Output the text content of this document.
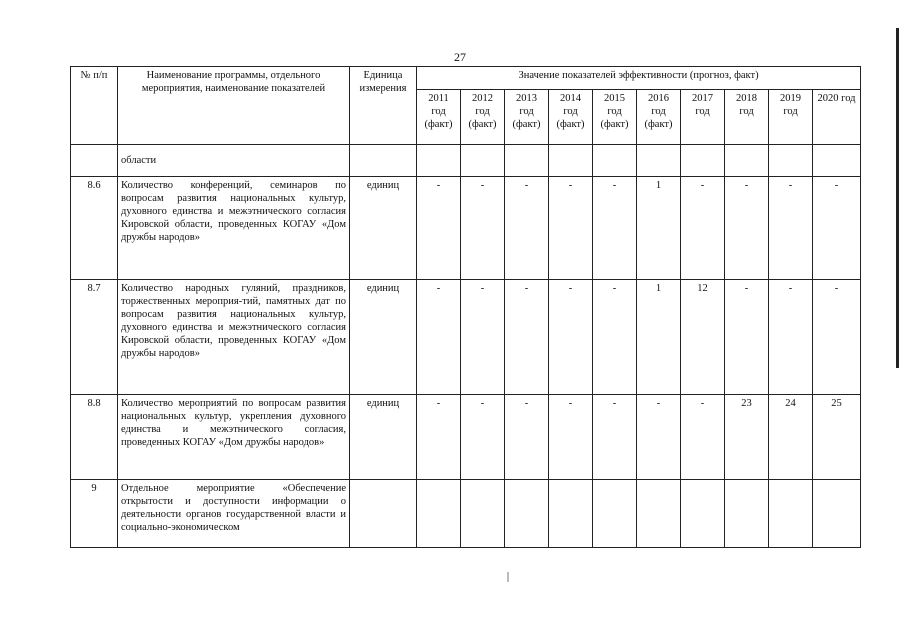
27
№ п/п	Наименование программы, отдельного мероприятия, наименование показателей	Единица измерения	Значение показателей эффективности (прогноз, факт)									
			2011 год (факт)	2012 год (факт)	2013 год (факт)	2014 год (факт)	2015 год (факт)	2016 год (факт)	2017 год	2018 год	2019 год	2020 год
	области											
8.6	Количество конференций, семинаров по вопросам развития национальных культур, духовного единства и межэтнического согласия Кировской области, проведенных КОГАУ «Дом дружбы народов»	единиц	-	-	-	-	-	1	-	-	-	-
8.7	Количество народных гуляний, праздников, торжественных мероприя-тий, памятных дат по вопросам развития национальных культур, духовного единства и межэтнического согласия Кировской области, проведенных КОГАУ «Дом дружбы народов»	единиц	-	-	-	-	-	1	12	-	-	-
8.8	Количество мероприятий по вопросам развития национальных культур, укрепления духовного единства и межэтнического согласия, проведенных КОГАУ «Дом дружбы народов»	единиц	-	-	-	-	-	-	-	23	24	25
9	Отдельное мероприятие «Обеспечение открытости и доступности информации о деятельности органов государственной власти и социально-экономическом											
